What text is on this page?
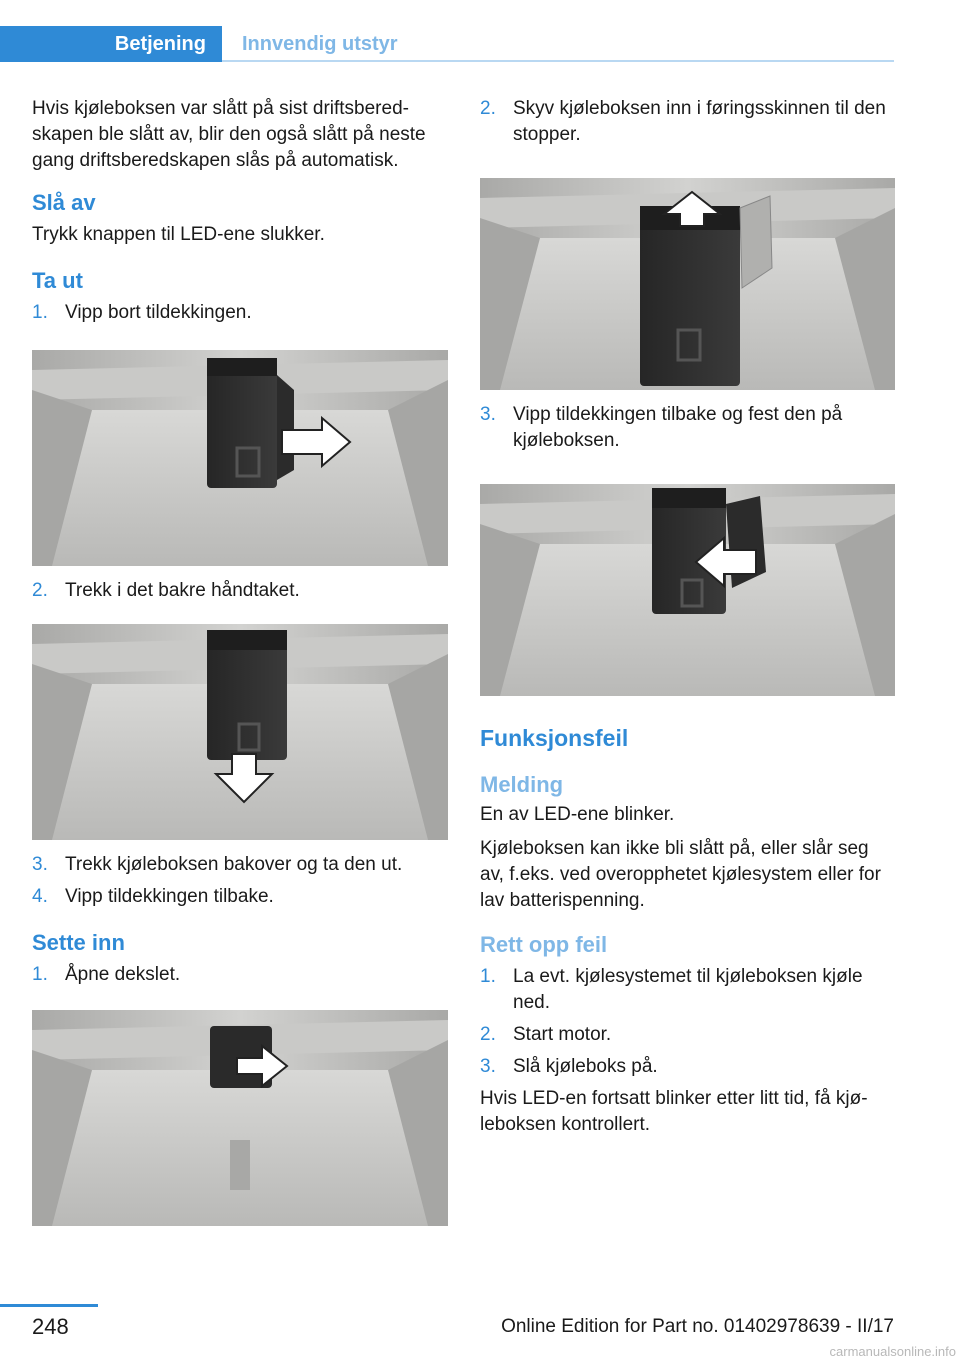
Betjening	Innvendig utstyr

Hvis kjøleboksen var slått på sist driftsberedskapen ble slått av, blir den også slått på neste gang driftsberedskapen slås på automatisk.

Slå av

Trykk knappen til LED-ene slukker.

Ta ut
1. Vipp bort tildekkingen.
2. Trekk i det bakre håndtaket.
3. Trekk kjøleboksen bakover og ta den ut.
4. Vipp tildekkingen tilbake.
Sette inn
1. Åpne dekslet.
2. Skyv kjøleboksen inn i føringsskinnen til den stopper.
3. Vipp tildekkingen tilbake og fest den på kjøleboksen.
Funksjonsfeil
Melding

En av LED-ene blinker.

Kjøleboksen kan ikke bli slått på, eller slår seg av, f.eks. ved overopphetet kjølesystem eller for lav batterispenning.

Rett opp feil
1. La evt. kjølesystemet til kjøleboksen kjøle ned.
2. Start motor.
3. Slå kjøleboks på.

Hvis LED-en fortsatt blinker etter litt tid, få kjøleboksen kontrollert.

248	Online Edition for Part no. 01402978639 - II/17
carmanualsonline.info
